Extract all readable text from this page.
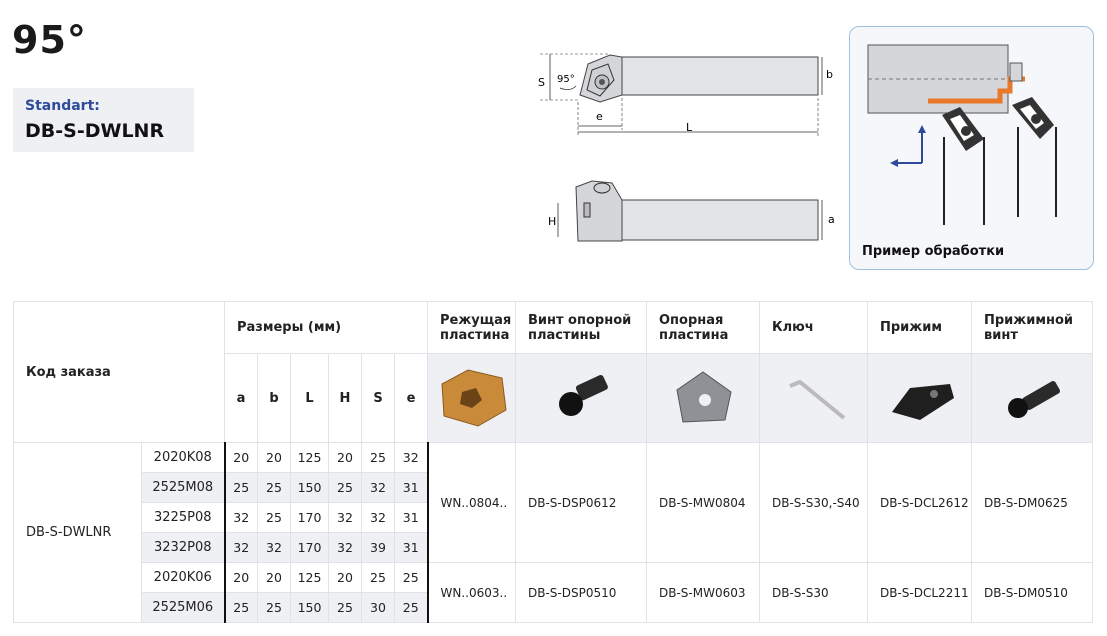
95°
Standart:
DB-S-DWLNR
S 95°	b
e
L
H	a
Пример обработки
Код заказа		Размеры (мм)						Режущая пластина	Винт опорной пластины	Опорная пластина	Ключ	Прижим	Прижимной винт
		a	b	L	H	S	e						
DB-S-DWLNR	2020K08	20	20	125	20	25	32	WN..0804..	DB-S-DSP0612	DB-S-MW0804	DB-S-S30,-S40	DB-S-DCL2612	DB-S-DM0625
	2525M08	25	25	150	25	32	31						
	3225P08	32	25	170	32	32	31						
	3232P08	32	32	170	32	39	31						
	2020K06	20	20	125	20	25	25	WN..0603..	DB-S-DSP0510	DB-S-MW0603	DB-S-S30	DB-S-DCL2211	DB-S-DM0510
	2525M06	25	25	150	25	30	25						
